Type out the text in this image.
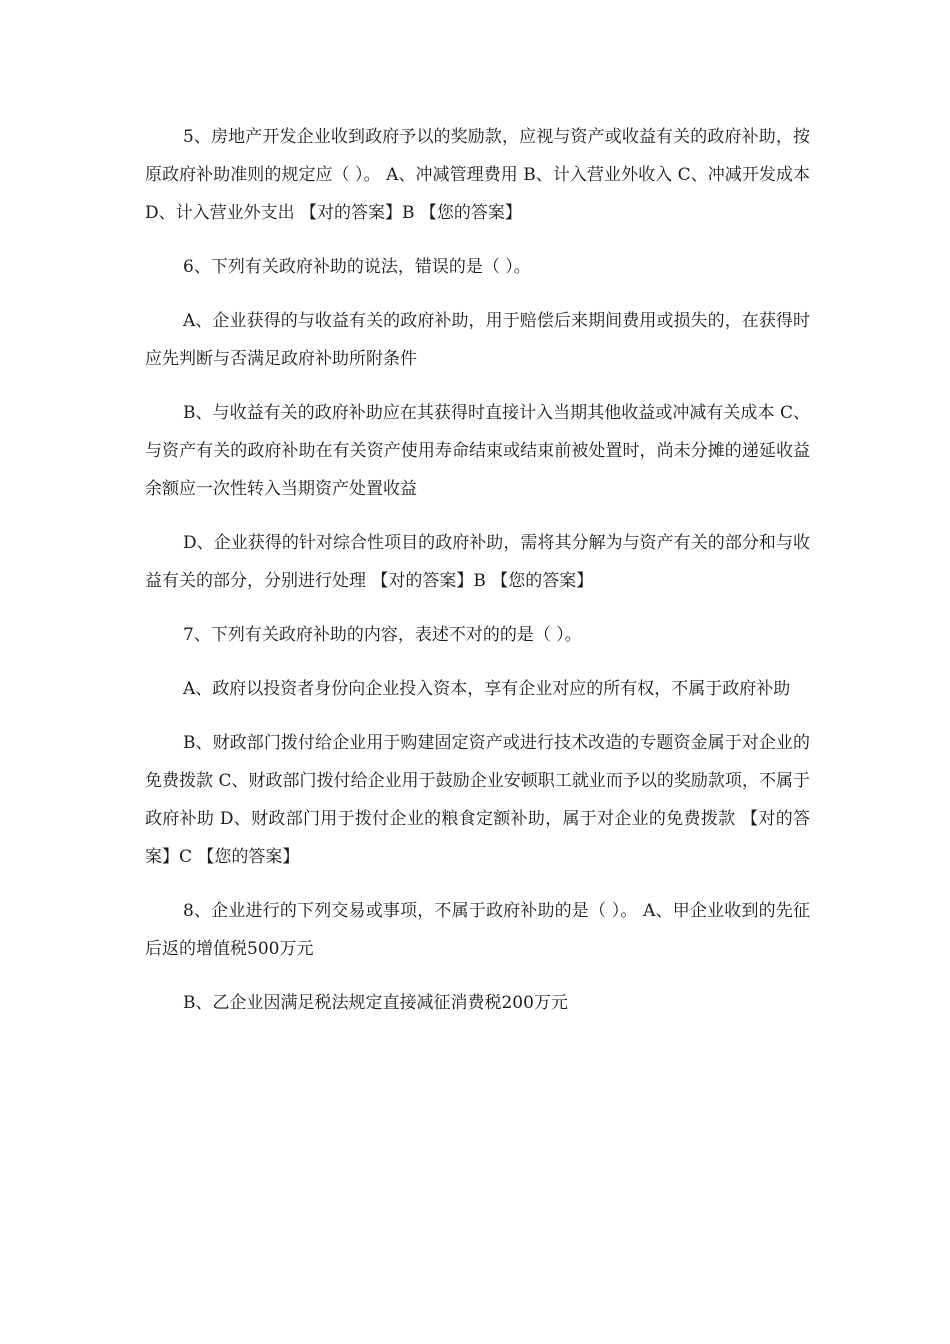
5、房地产开发企业收到政府予以的奖励款，应视与资产或收益有关的政府补助，按原政府补助准则的规定应（ ）。 A、冲减管理费用 B、计入营业外收入 C、冲减开发成本 D、计入营业外支出 【对的答案】B 【您的答案】

6、下列有关政府补助的说法，错误的是（ ）。

A、企业获得的与收益有关的政府补助，用于赔偿后来期间费用或损失的，在获得时应先判断与否满足政府补助所附条件

B、与收益有关的政府补助应在其获得时直接计入当期其他收益或冲减有关成本 C、与资产有关的政府补助在有关资产使用寿命结束或结束前被处置时，尚未分摊的递延收益余额应一次性转入当期资产处置收益

D、企业获得的针对综合性项目的政府补助，需将其分解为与资产有关的部分和与收益有关的部分，分别进行处理 【对的答案】B 【您的答案】

7、下列有关政府补助的内容，表述不对的的是（ ）。

A、政府以投资者身份向企业投入资本，享有企业对应的所有权，不属于政府补助

B、财政部门拨付给企业用于购建固定资产或进行技术改造的专题资金属于对企业的免费拨款 C、财政部门拨付给企业用于鼓励企业安顿职工就业而予以的奖励款项，不属于政府补助 D、财政部门用于拨付企业的粮食定额补助，属于对企业的免费拨款 【对的答案】C 【您的答案】

8、企业进行的下列交易或事项，不属于政府补助的是（ ）。 A、甲企业收到的先征后返的增值税500万元

B、乙企业因满足税法规定直接减征消费税200万元
